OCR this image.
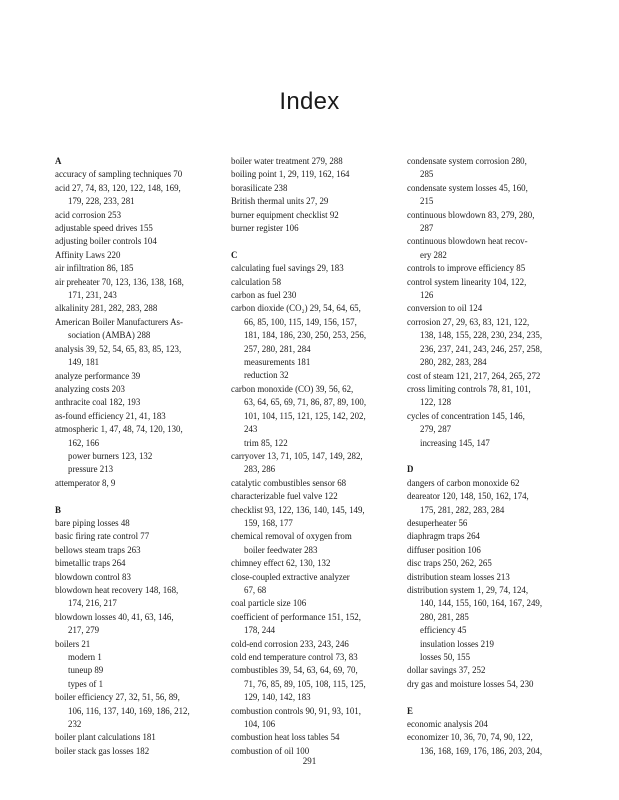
Index
A
accuracy of sampling techniques 70
acid 27, 74, 83, 120, 122, 148, 169,
179, 228, 233, 281
acid corrosion 253
adjustable speed drives 155
adjusting boiler controls 104
Affinity Laws 220
air infiltration 86, 185
air preheater 70, 123, 136, 138, 168,
171, 231, 243
alkalinity 281, 282, 283, 288
American Boiler Manufacturers As-
sociation (AMBA) 288
analysis 39, 52, 54, 65, 83, 85, 123,
149, 181
analyze performance 39
analyzing costs 203
anthracite coal 182, 193
as-found efficiency 21, 41, 183
atmospheric 1, 47, 48, 74, 120, 130,
162, 166
power burners 123, 132
pressure 213
attemperator 8, 9
B
bare piping losses 48
basic firing rate control 77
bellows steam traps 263
bimetallic traps 264
blowdown control 83
blowdown heat recovery 148, 168,
174, 216, 217
blowdown losses 40, 41, 63, 146,
217, 279
boilers 21
modern 1
tuneup 89
types of 1
boiler efficiency 27, 32, 51, 56, 89,
106, 116, 137, 140, 169, 186, 212,
232
boiler plant calculations 181
boiler stack gas losses 182
boiler water treatment 279, 288
boiling point 1, 29, 119, 162, 164
borasilicate 238
British thermal units 27, 29
burner equipment checklist 92
burner register 106
C
calculating fuel savings 29, 183
calculation 58
carbon as fuel 230
carbon dioxide (CO₂) 29, 54, 64, 65,
66, 85, 100, 115, 149, 156, 157,
181, 184, 186, 230, 250, 253, 256,
257, 280, 281, 284
measurements 181
reduction 32
carbon monoxide (CO) 39, 56, 62,
63, 64, 65, 69, 71, 86, 87, 89, 100,
101, 104, 115, 121, 125, 142, 202,
243
trim 85, 122
carryover 13, 71, 105, 147, 149, 282,
283, 286
catalytic combustibles sensor 68
characterizable fuel valve 122
checklist 93, 122, 136, 140, 145, 149,
159, 168, 177
chemical removal of oxygen from
boiler feedwater 283
chimney effect 62, 130, 132
close-coupled extractive analyzer
67, 68
coal particle size 106
coefficient of performance 151, 152,
178, 244
cold-end corrosion 233, 243, 246
cold end temperature control 73, 83
combustibles 39, 54, 63, 64, 69, 70,
71, 76, 85, 89, 105, 108, 115, 125,
129, 140, 142, 183
combustion controls 90, 91, 93, 101,
104, 106
combustion heat loss tables 54
combustion of oil 100
condensate system corrosion 280,
285
condensate system losses 45, 160,
215
continuous blowdown 83, 279, 280,
287
continuous blowdown heat recov-
ery 282
controls to improve efficiency 85
control system linearity 104, 122,
126
conversion to oil 124
corrosion 27, 29, 63, 83, 121, 122,
138, 148, 155, 228, 230, 234, 235,
236, 237, 241, 243, 246, 257, 258,
280, 282, 283, 284
cost of steam 121, 217, 264, 265, 272
cross limiting controls 78, 81, 101,
122, 128
cycles of concentration 145, 146,
279, 287
increasing 145, 147
D
dangers of carbon monoxide 62
deareator 120, 148, 150, 162, 174,
175, 281, 282, 283, 284
desuperheater 56
diaphragm traps 264
diffuser position 106
disc traps 250, 262, 265
distribution steam losses 213
distribution system 1, 29, 74, 124,
140, 144, 155, 160, 164, 167, 249,
280, 281, 285
efficiency 45
insulation losses 219
losses 50, 155
dollar savings 37, 252
dry gas and moisture losses 54, 230
E
economic analysis 204
economizer 10, 36, 70, 74, 90, 122,
136, 168, 169, 176, 186, 203, 204,
291
